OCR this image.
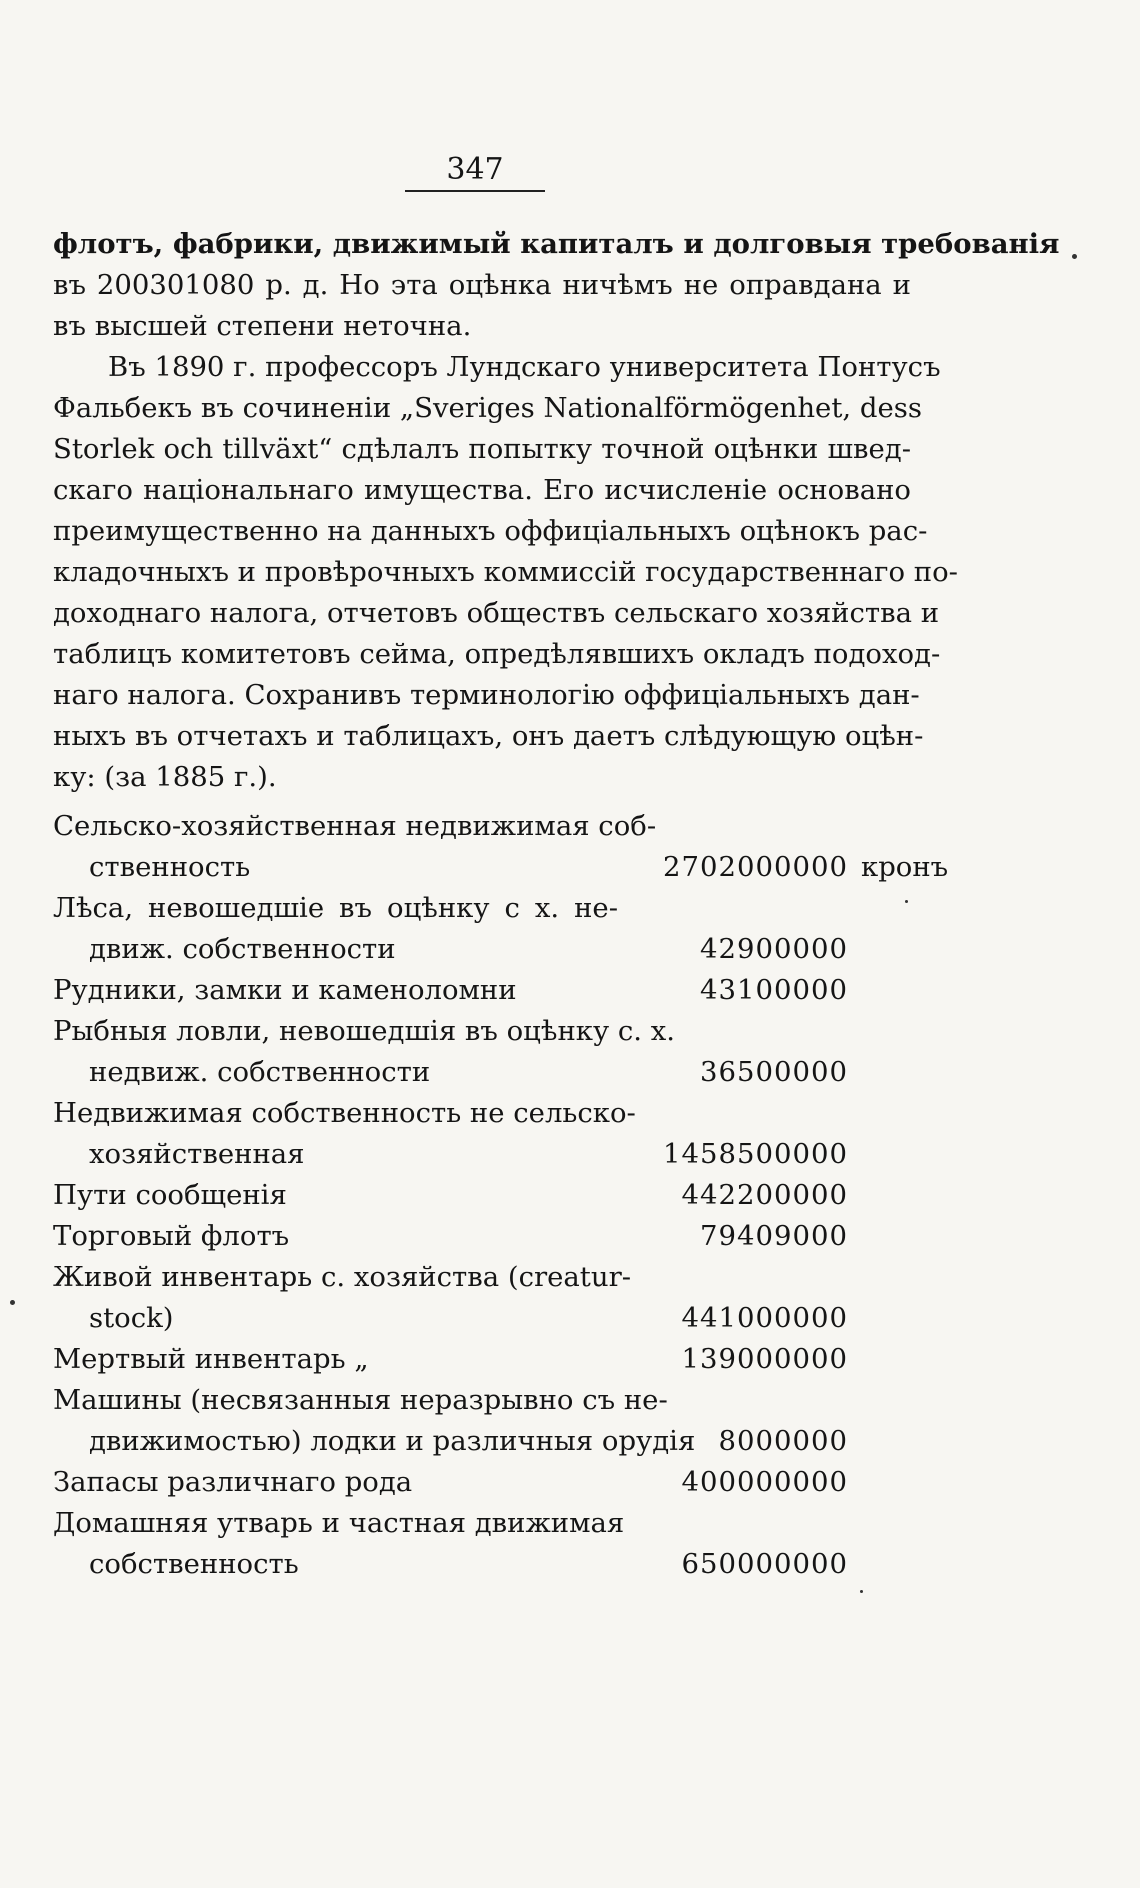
347
флотъ, фабрики, движимый капиталъ и долговыя требованія
въ 200301080 р. д. Но эта оцѣнка ничѣмъ не оправдана и
въ высшей степени неточна.
Въ 1890 г. профессоръ Лундскаго университета Понтусъ
Фальбекъ въ сочиненіи „Sveriges Nationalförmögenhet, dess
Storlek och tillväxt“ сдѣлалъ попытку точной оцѣнки швед-
скаго національнаго имущества. Его исчисленіе основано
преимущественно на данныхъ оффиціальныхъ оцѣнокъ рас-
кладочныхъ и провѣрочныхъ коммиссій государственнаго по-
доходнаго налога, отчетовъ обществъ сельскаго хозяйства и
таблицъ комитетовъ сейма, опредѣлявшихъ окладъ подоход-
наго налога. Сохранивъ терминологію оффиціальныхъ дан-
ныхъ въ отчетахъ и таблицахъ, онъ даетъ слѣдующую оцѣн-
ку: (за 1885 г.).
Сельско-хозяйственная недвижимая соб-
ственность	2702000000 кронъ
Лѣса, невошедшіе въ оцѣнку с х. не-
движ. собственности	42900000
Рудники, замки и каменоломни	43100000
Рыбныя ловли, невошедшія въ оцѣнку с. х.
недвиж. собственности	36500000
Недвижимая собственность не сельско-
хозяйственная	1458500000
Пути сообщенія	442200000
Торговый флотъ	79409000
Живой инвентарь с. хозяйства (creatur-
stock)	441000000
Мертвый инвентарь „	139000000
Машины (несвязанныя неразрывно съ не-
движимостью) лодки и различныя орудія 8000000
Запасы различнаго рода	400000000
Домашняя утварь и частная движимая
собственность	650000000
